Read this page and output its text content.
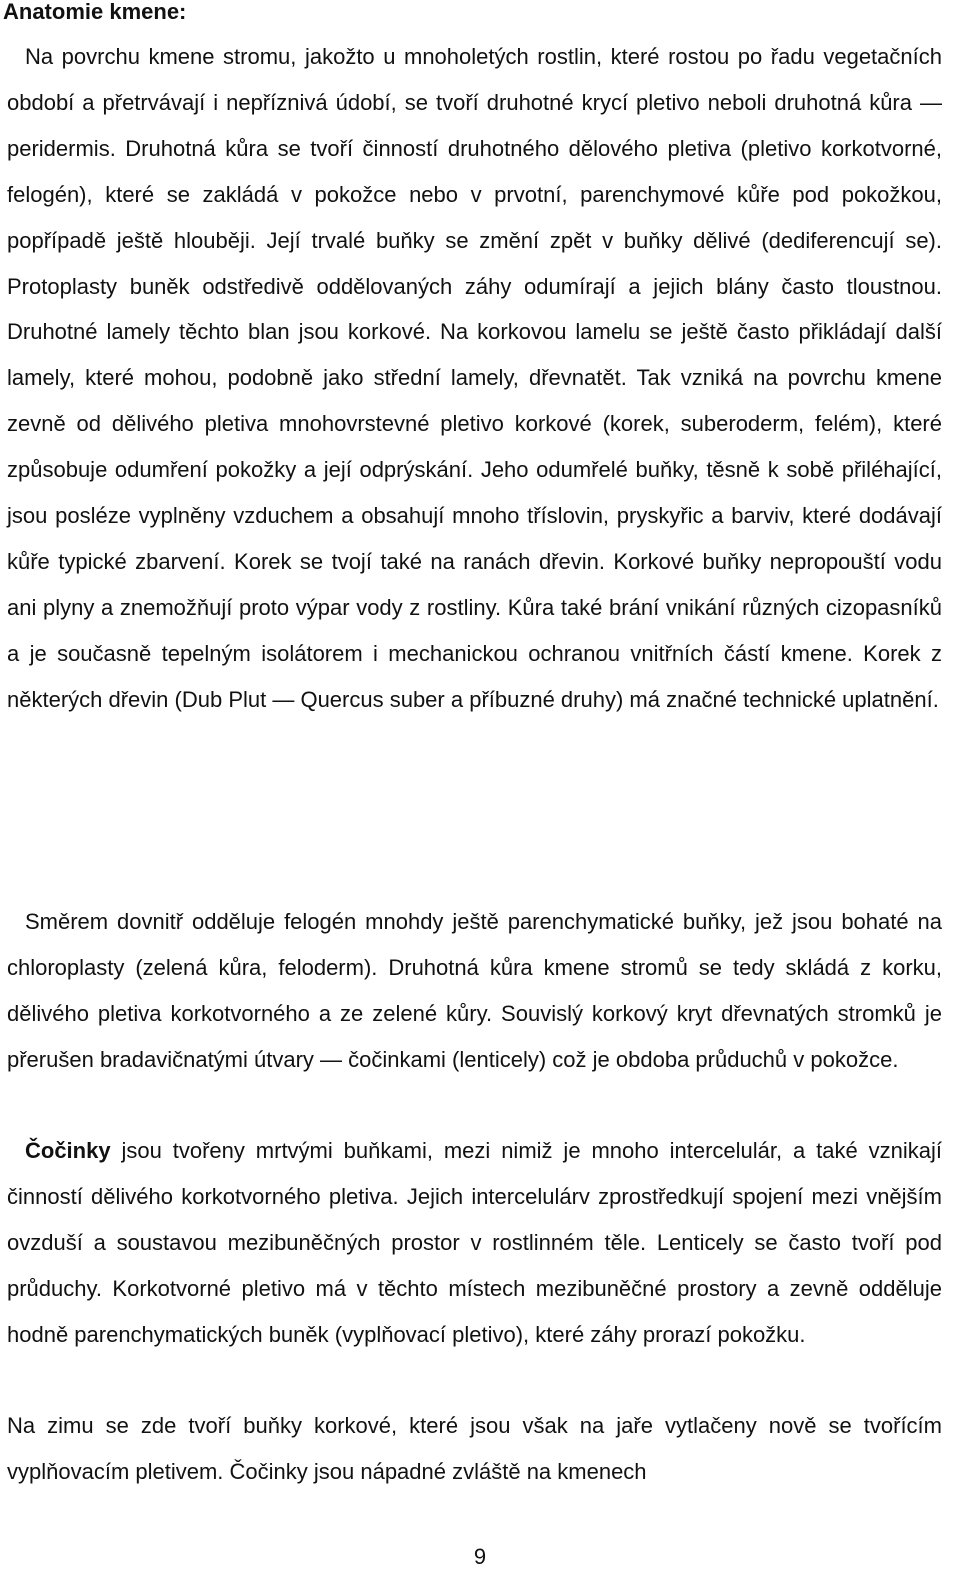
Anatomie kmene:

Na povrchu kmene stromu, jakožto u mnoholetých rostlin, které rostou po řadu vegetačních období a přetrvávají i nepříznivá údobí, se tvoří druhotné krycí pletivo neboli druhotná kůra — peridermis. Druhotná kůra se tvoří činností druhotného dělového pletiva (pletivo korkotvorné, felogén), které se zakládá v pokožce nebo v prvotní, parenchymové kůře pod pokožkou, popřípadě ještě hlouběji. Její trvalé buňky se změní zpět v buňky dělivé (dediferencují se). Protoplasty buněk odstředivě oddělovaných záhy odumírají a jejich blány často tloustnou. Druhotné lamely těchto blan jsou korkové. Na korkovou lamelu se ještě často přikládají další lamely, které mohou, podobně jako střední lamely, dřevnatět. Tak vzniká na povrchu kmene zevně od dělivého pletiva mnohovrstevné pletivo korkové (korek, suberoderm, felém), které způsobuje odumření pokožky a její odprýskání. Jeho odumřelé buňky, těsně k sobě přiléhající, jsou posléze vyplněny vzduchem a obsahují mnoho tříslovin, pryskyřic a barviv, které dodávají kůře typické zbarvení. Korek se tvojí také na ranách dřevin. Korkové buňky nepropouští vodu ani plyny a znemožňují proto výpar vody z rostliny. Kůra také brání vnikání různých cizopasníků a je současně tepelným isolátorem i mechanickou ochranou vnitřních částí kmene. Korek z některých dřevin (Dub Plut — Quercus suber a příbuzné druhy) má značné technické uplatnění.

Směrem dovnitř odděluje felogén mnohdy ještě parenchymatické buňky, jež jsou bohaté na chloroplasty (zelená kůra, feloderm). Druhotná kůra kmene stromů se tedy skládá z korku, dělivého pletiva korkotvorného a ze zelené kůry. Souvislý korkový kryt dřevnatých stromků je přerušen bradavičnatými útvary — čočinkami (lenticely) což je obdoba průduchů v pokožce.

Čočinky jsou tvořeny mrtvými buňkami, mezi nimiž je mnoho intercelulár, a také vznikají činností dělivého korkotvorného pletiva. Jejich intercelulárv zprostředkují spojení mezi vnějším ovzduší a soustavou mezibuněčných prostor v rostlinném těle. Lenticely se často tvoří pod průduchy. Korkotvorné pletivo má v těchto místech mezibuněčné prostory a zevně odděluje hodně parenchymatických buněk (vyplňovací pletivo), které záhy prorazí pokožku.

Na zimu se zde tvoří buňky korkové, které jsou však na jaře vytlačeny nově se tvořícím vyplňovacím pletivem. Čočinky jsou nápadné zvláště na kmenech

9
